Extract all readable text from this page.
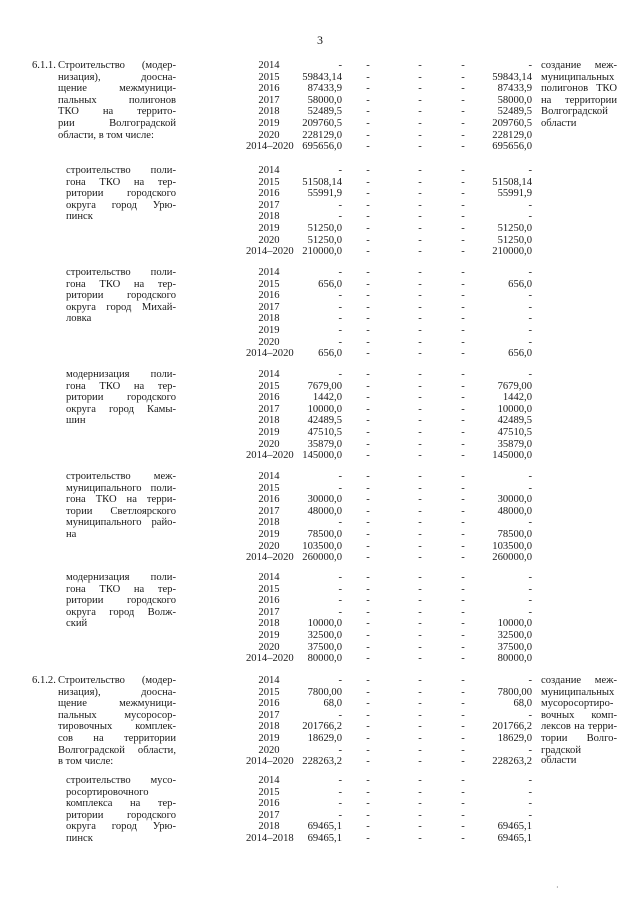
3
6.1.1. Строительство (модер-
низация), доосна-
щение межмуници-
пальных полигонов
ТКО на террито-
рии Волгоградской
области, в том числе:
создание меж-
муниципальных
полигонов ТКО
на территории
Волгоградской
области
2014	-	-	-	-	-
2015	59843,14	-	-	-	59843,14
2016	87433,9	-	-	-	87433,9
2017	58000,0	-	-	-	58000,0
2018	52489,5	-	-	-	52489,5
2019	209760,5	-	-	-	209760,5
2020	228129,0	-	-	-	228129,0
2014–2020 695656,0	-	-	-	695656,0
строительство поли-
гона ТКО на тер-
ритории городского
округа город Урю-
пинск
2014	-	-	-	-	-
2015	51508,14	-	-	-	51508,14
2016	55991,9	-	-	-	55991,9
2017	-	-	-	-	-
2018	-	-	-	-	-
2019	51250,0	-	-	-	51250,0
2020	51250,0	-	-	-	51250,0
2014–2020 210000,0	-	-	-	210000,0
строительство поли-
гона ТКО на тер-
ритории городского
округа город Михай-
ловка
2014	-	-	-	-	-
2015	656,0	-	-	-	656,0
2016	-	-	-	-	-
2017	-	-	-	-	-
2018	-	-	-	-	-
2019	-	-	-	-	-
2020	-	-	-	-	-
2014–2020	656,0	-	-	-	656,0
модернизация поли-
гона ТКО на тер-
ритории городского
округа город Камы-
шин
2014	-	-	-	-	-
2015	7679,00	-	-	-	7679,00
2016	1442,0	-	-	-	1442,0
2017	10000,0	-	-	-	10000,0
2018	42489,5	-	-	-	42489,5
2019	47510,5	-	-	-	47510,5
2020	35879,0	-	-	-	35879,0
2014–2020 145000,0	-	-	-	145000,0
строительство меж-
муниципального поли-
гона ТКО на терри-
тории Светлоярского
муниципального райо-
на
2014	-	-	-	-	-
2015	-	-	-	-	-
2016	30000,0	-	-	-	30000,0
2017	48000,0	-	-	-	48000,0
2018	-	-	-	-	-
2019	78500,0	-	-	-	78500,0
2020	103500,0	-	-	-	103500,0
2014–2020 260000,0	-	-	-	260000,0
модернизация поли-
гона ТКО на тер-
ритории городского
округа город Волж-
ский
2014	-	-	-	-	-
2015	-	-	-	-	-
2016	-	-	-	-	-
2017	-	-	-	-	-
2018	10000,0	-	-	-	10000,0
2019	32500,0	-	-	-	32500,0
2020	37500,0	-	-	-	37500,0
2014–2020	80000,0	-	-	-	80000,0
6.1.2. Строительство (модер-
низация), доосна-
щение межмуници-
пальных мусоросор-
тировочных комплек-
сов на территории
Волгоградской области,
в том числе:
создание меж-
муниципальных
мусоросортиро-
вочных комп-
лексов на терри-
тории Волго-
градской области
2014	-	-	-	-	-
2015	7800,00	-	-	-	7800,00
2016	68,0	-	-	-	68,0
2017	-	-	-	-	-
2018	201766,2	-	-	-	201766,2
2019	18629,0	-	-	-	18629,0
2020	-	-	-	-	-
2014–2020 228263,2	-	-	-	228263,2
строительство мусо-
росортировочного
комплекса на тер-
ритории городского
округа город Урю-
пинск
2014	-	-	-	-	-
2015	-	-	-	-	-
2016	-	-	-	-	-
2017	-	-	-	-	-
2018	69465,1	-	-	-	69465,1
2014–2018	69465,1	-	-	-	69465,1
·
